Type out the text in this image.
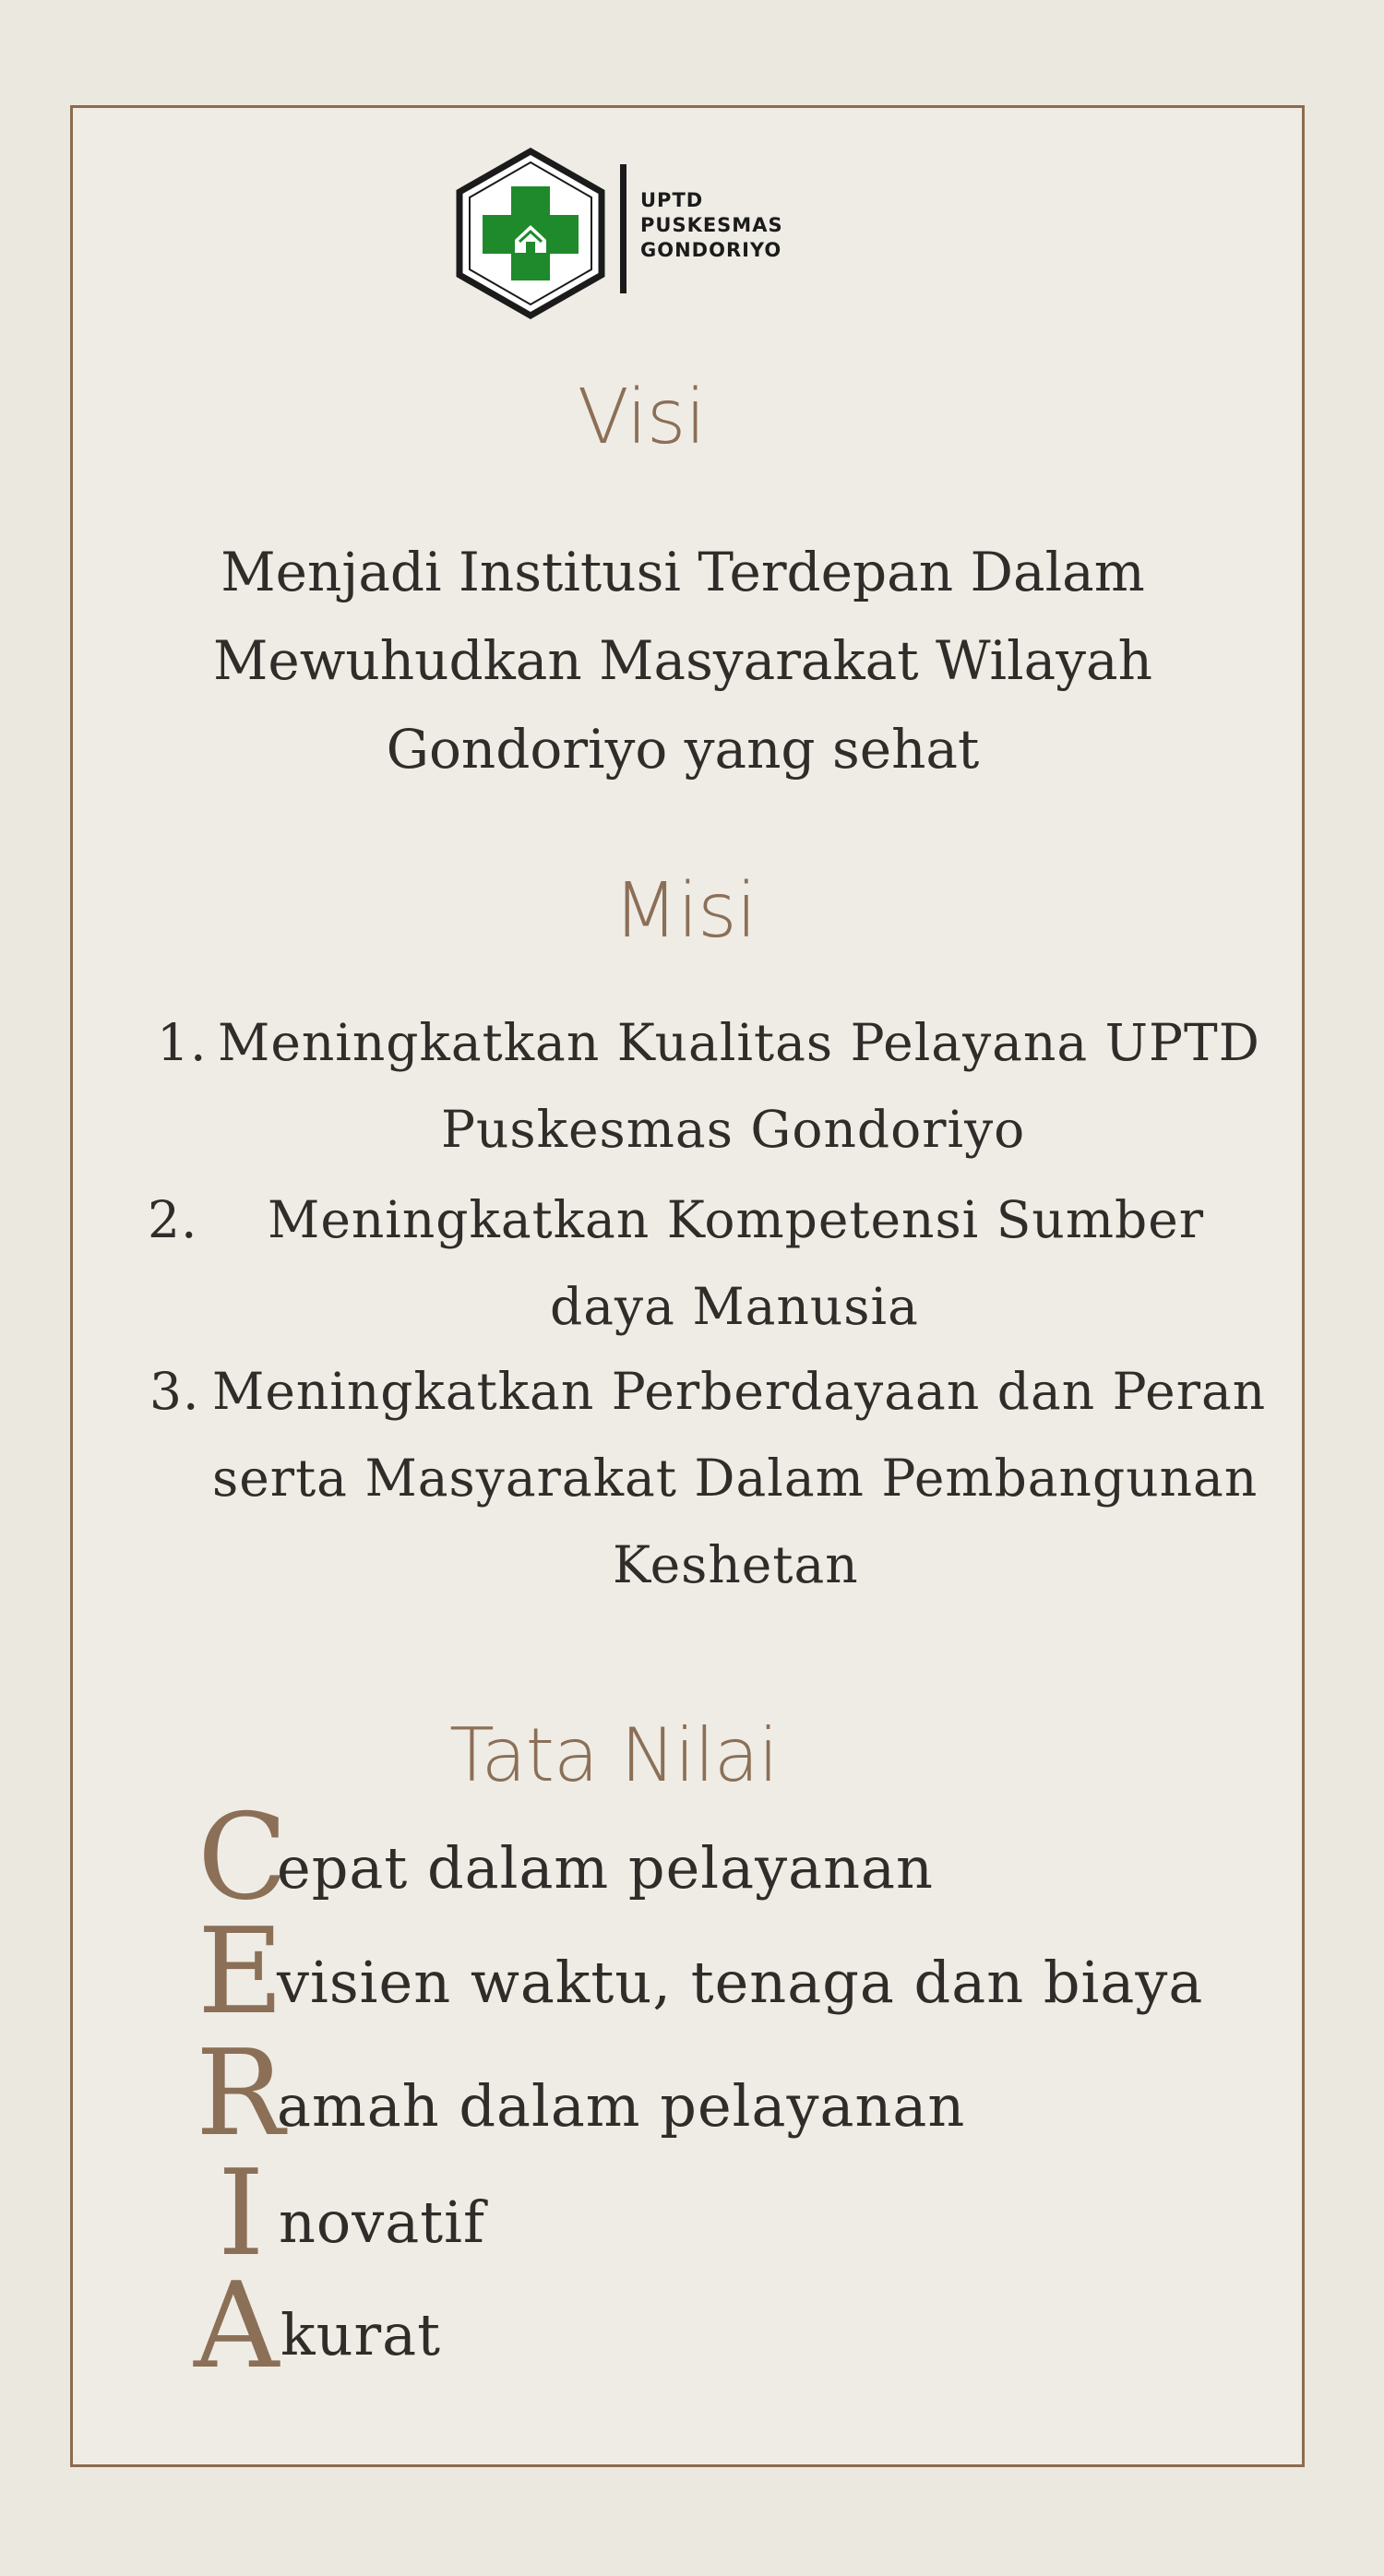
UPTD
PUSKESMAS
GONDORIYO
Visi
Menjadi Institusi Terdepan Dalam
Mewuhudkan Masyarakat Wilayah
Gondoriyo yang sehat
Misi
1. Meningkatkan Kualitas Pelayana UPTD
Puskesmas Gondoriyo
2. Meningkatkan Kompetensi Sumber
daya Manusia
3. Meningkatkan Perberdayaan dan Peran
serta Masyarakat Dalam Pembangunan
Keshetan
Tata Nilai
C
epat dalam pelayanan
E
visien waktu, tenaga dan biaya
R
amah dalam pelayanan
I novatif
A kurat
